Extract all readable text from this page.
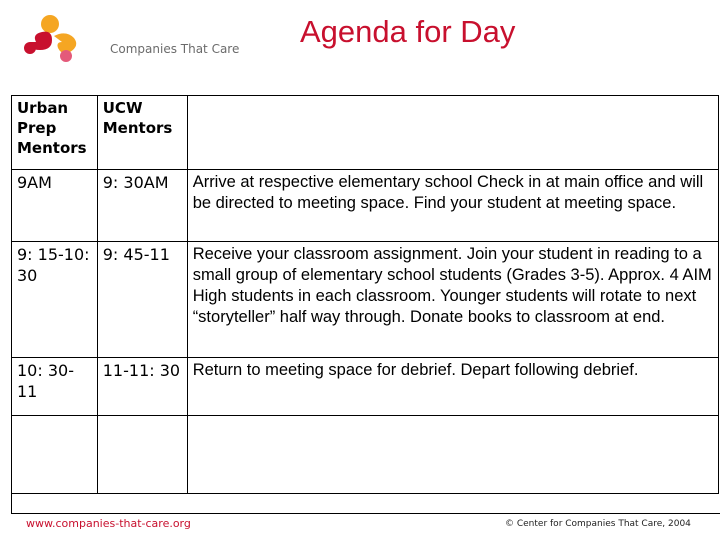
Companies That Care Agenda for Day
Urban Prep Mentors	UCW Mentors	
9AM	9: 30AM	Arrive at respective elementary school Check in at main office and will be directed to meeting space. Find your student at meeting space.
9: 15-10: 30	9: 45-11	Receive your classroom assignment. Join your student in reading to a small group of elementary school students (Grades 3-5). Approx. 4 AIM High students in each classroom. Younger students will rotate to next “storyteller” half way through. Donate books to classroom at end.
10: 30-11	11-11: 30	Return to meeting space for debrief. Depart following debrief.

www.companies-that-care.org	© Center for Companies That Care, 2004
